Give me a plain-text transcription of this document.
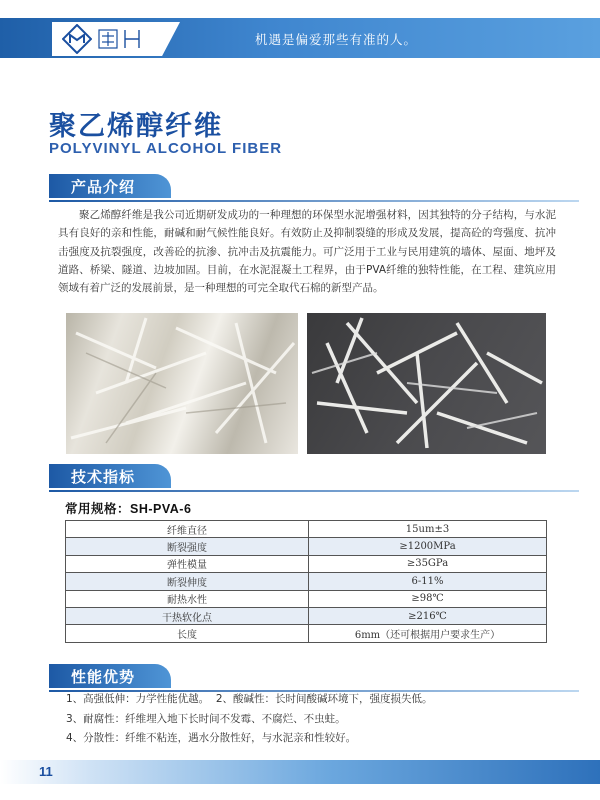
机遇是偏爱那些有准的人。
聚乙烯醇纤维
POLYVINYL ALCOHOL FIBER
产品介绍
聚乙烯醇纤维是我公司近期研发成功的一种理想的环保型水泥增强材料，因其独特的分子结构，与水泥具有良好的亲和性能，耐碱和耐气候性能良好。有效防止及抑制裂缝的形成及发展，提高砼的弯强度、抗冲击强度及抗裂强度，改善砼的抗渗、抗冲击及抗震能力。可广泛用于工业与民用建筑的墙体、屋面、地坪及道路、桥梁、隧道、边坡加固。目前，在水泥混凝土工程界，由于PVA纤维的独特性能，在工程、建筑应用领域有着广泛的发展前景，是一种理想的可完全取代石棉的新型产品。
技术指标
常用规格：SH-PVA-6
纤维直径	15um±3
断裂强度	≥1200MPa
弹性模量	≥35GPa
断裂伸度	6-11%
耐热水性	≥98℃
干热软化点	≥216℃
长度	6mm（还可根据用户要求生产）
性能优势
1、高强低伸：力学性能优越。  2、酸碱性：长时间酸碱环境下，强度损失低。
3、耐腐性：纤维埋入地下长时间不发霉、不腐烂、不虫蛀。
4、分散性：纤维不粘连，遇水分散性好，与水泥亲和性较好。
11
